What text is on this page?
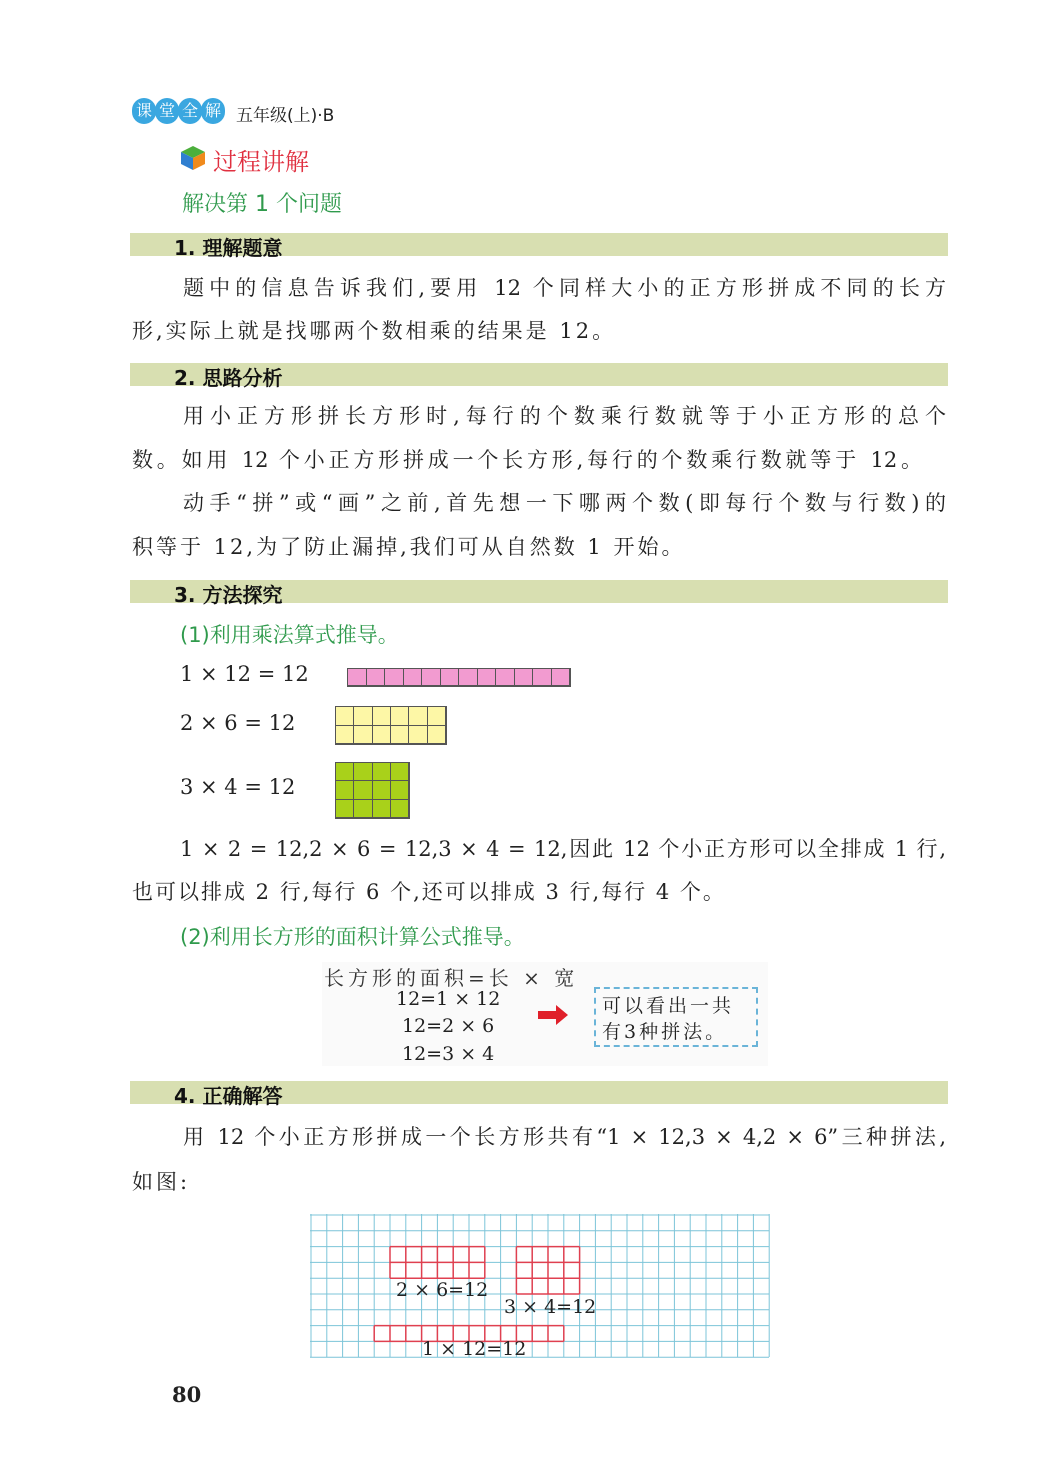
课 堂 全 解 五年级(上)·B
过程讲解
解决第 1 个问题
1. 理解题意
题中的信息告诉我们,要用 12 个同样大小的正方形拼成不同的长方
形,实际上就是找哪两个数相乘的结果是 12。
2. 思路分析
用小正方形拼长方形时,每行的个数乘行数就等于小正方形的总个
数。如用 12 个小正方形拼成一个长方形,每行的个数乘行数就等于 12。
动手“拼”或“画”之前,首先想一下哪两个数(即每行个数与行数)的
积等于 12,为了防止漏掉,我们可从自然数 1 开始。
3. 方法探究
(1)利用乘法算式推导。
1 × 12 = 12
2 × 6 = 12
3 × 4 = 12
1 × 2 = 12,2 × 6 = 12,3 × 4 = 12,因此 12 个小正方形可以全排成 1 行,
也可以排成 2 行,每行 6 个,还可以排成 3 行,每行 4 个。
(2)利用长方形的面积计算公式推导。
长方形的面积=长 × 宽
12=1 × 12
12=2 × 6
12=3 × 4
可以看出一共
有3种拼法。
4. 正确解答
用 12 个小正方形拼成一个长方形共有“1 × 12,3 × 4,2 × 6”三种拼法,
如图:
2 × 6=12
3 × 4=12
1 × 12=12
80
